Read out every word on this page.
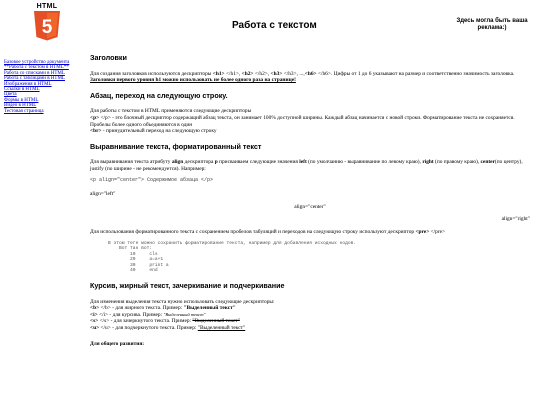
HTML
5	Работа с текстом	Здесь могла быть ваша реклама:)
Базовое устройство документа
**Работа с текстом в HTML**
Работа со списками в HTML
Работа с таблицами в HTML
Изображения в HTML
Ссылки в HTML
Цвета
Формы в HTML
Видео в HTML
Тестовая страница
Заголовки

Для создания заголовков используются дескрипторы <h1> </h1>, <h2> </h2>, <h3> </h3>, ...,<h6> </h6>. Цифры от 1 до 6 указывают на размер и соответственно значимость заголовка. Заголовки первого уровня h1 можно использовать не более одного раза на странице!

Абзац, переход на следующую строку.

Для работы с текстом в HTML применяются следующие дескрипторы
<p> </p> - это блочный дескриптор содержащий абзац текста, он занимает 100% доступной ширины. Каждый абзац начинается с новой строки. Форматирование текста не сохраняется. Пробелы более одного объединяются в один
<br> - принудительный переход на следующую строку

Выравнивание текста, форматированный текст

Для выравнивания текста атрибуту align дескриптора p присваиваем следующие значения left (по умолчанию - выравнивание по левому краю), right (по правому краю), center(по центру), justify (по ширине - не рекомендуется). Например:

<p align="center"> Содержимое абзаца </p>
align="left"
align="center"
align="right"

Для использования форматированного текста с сохранением пробелов табуляций и переходов на следующую строку используют дескриптор <pre> </pre>

В этом теге можно сохранить форматирование текста, например для добавления исходных кодов.
Вот так вот:
10     cls
20     a=a+1
30     print a
40     end
Курсив, жирный текст, зачеркивание и подчеркивание

Для изменения выделения текста нужно использовать следующие дескрипторы:

<b> </b> - для жирного текста. Пример: "Выделенный текст"
<i> </i> - для курсива. Пример: "Выделенный текст"
<s> </s> - для зачеркнутого текста. Пример: "Выделенный текст"
<u> </u> - для подчеркнутого текста. Пример: "Выделенный текст"
Для общего развития:
